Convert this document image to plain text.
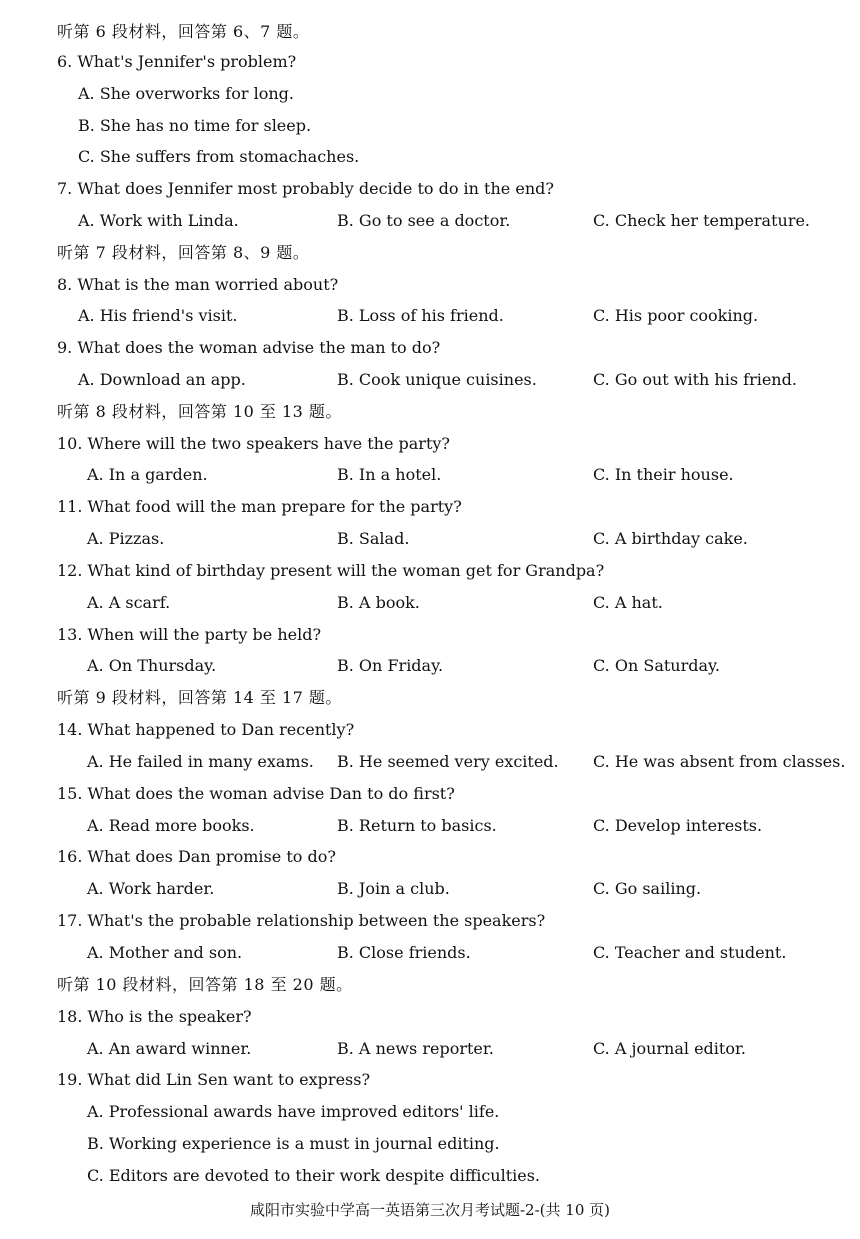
听第 6 段材料，回答第 6、7 题。
6. What's Jennifer's problem?
A. She overworks for long.
B. She has no time for sleep.
C. She suffers from stomachaches.
7. What does Jennifer most probably decide to do in the end?
A. Work with Linda.	B. Go to see a doctor.	C. Check her temperature.
听第 7 段材料，回答第 8、9 题。
8. What is the man worried about?
A. His friend's visit.	B. Loss of his friend.	C. His poor cooking.
9. What does the woman advise the man to do?
A. Download an app.	B. Cook unique cuisines.	C. Go out with his friend.
听第 8 段材料，回答第 10 至 13 题。
10. Where will the two speakers have the party?
A. In a garden.	B. In a hotel.	C. In their house.
11. What food will the man prepare for the party?
A. Pizzas.	B. Salad.	C. A birthday cake.
12. What kind of birthday present will the woman get for Grandpa?
A. A scarf.	B. A book.	C. A hat.
13. When will the party be held?
A. On Thursday.	B. On Friday.	C. On Saturday.
听第 9 段材料，回答第 14 至 17 题。
14. What happened to Dan recently?
A. He failed in many exams. B. He seemed very excited. C. He was absent from classes.
15. What does the woman advise Dan to do first?
A. Read more books.	B. Return to basics.	C. Develop interests.
16. What does Dan promise to do?
A. Work harder.	B. Join a club.	C. Go sailing.
17. What's the probable relationship between the speakers?
A. Mother and son.	B. Close friends.	C. Teacher and student.
听第 10 段材料，回答第 18 至 20 题。
18. Who is the speaker?
A. An award winner.	B. A news reporter.	C. A journal editor.
19. What did Lin Sen want to express?
A. Professional awards have improved editors' life.
B. Working experience is a must in journal editing.
C. Editors are devoted to their work despite difficulties.
咸阳市实验中学高一英语第三次月考试题-2-(共 10 页)
